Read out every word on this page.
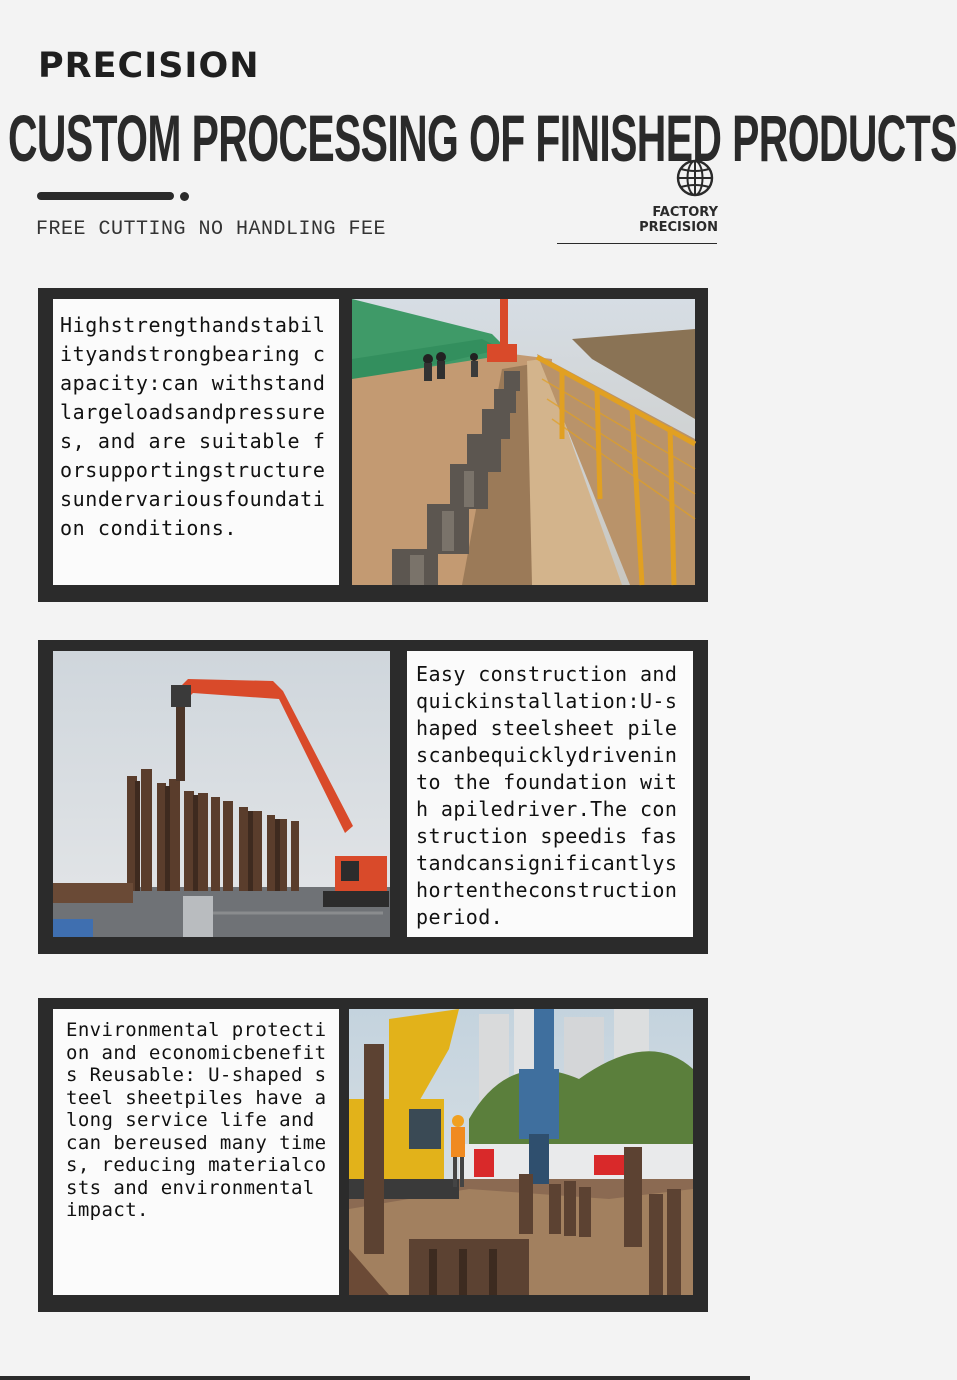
PRECISION
CUSTOM PROCESSING OF FINISHED PRODUCTS
FREE CUTTING NO HANDLING FEE
FACTORY
PRECISION
Highstrengthandstabilityandstrongbearing capacity:can withstand largeloadsandpressures, and are suitable forsupportingstructuresundervariousfoundation conditions.
Easy construction andquickinstallation:U-shaped steelsheet pilescanbequicklydriveninto the foundation with apiledriver.The construction speedis fastandcansignificantlyshortentheconstructionperiod.
Environmental protection and economicbenefits Reusable: U-shaped steel sheetpiles have a long service life and can bereused many times, reducing materialcosts and environmental impact.
